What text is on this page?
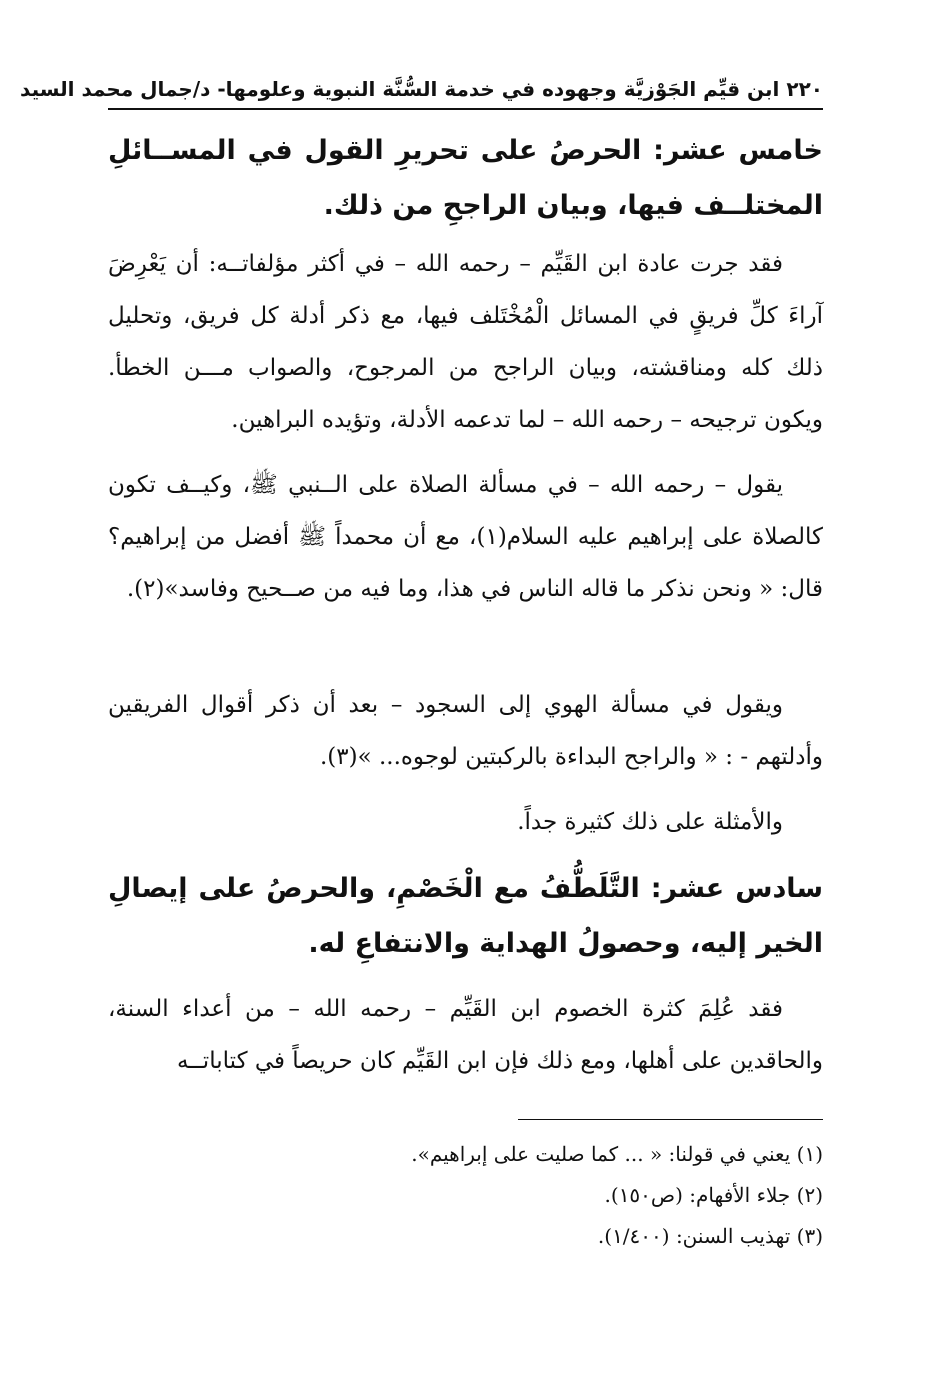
٢٢٠ ابن قيِّم الجَوْزيَّة وجهوده في خدمة السُّنَّة النبوية وعلومها- د/جمال محمد السيد
خامس عشر: الحرصُ على تحريرِ القول في المســائلِ المختلــف فيها، وبيان الراجحِ من ذلك.
فقد جرت عادة ابن القَيِّم – رحمه الله – في أكثر مؤلفاتــه: أن يَعْرِضَ آراءَ كلِّ فريقٍ في المسائل الْمُخْتَلف فيها، مع ذكر أدلة كل فريق، وتحليل ذلك كله ومناقشته، وبيان الراجح من المرجوح، والصواب مـــن الخطأ. ويكون ترجيحه – رحمه الله – لما تدعمه الأدلة، وتؤيده البراهين.
يقول – رحمه الله – في مسألة الصلاة على الــنبي ﷺ، وكيــف تكون كالصلاة على إبراهيم عليه السلام(١)، مع أن محمداً ﷺ أفضل من إبراهيم؟ قال: « ونحن نذكر ما قاله الناس في هذا، وما فيه من صــحيح وفاسد»(٢).
ويقول في مسألة الهوي إلى السجود – بعد أن ذكر أقوال الفريقين وأدلتهم - : « والراجح البداءة بالركبتين لوجوه... »(٣).
والأمثلة على ذلك كثيرة جداً.
سادس عشر: التَّلَطُّفُ مع الْخَصْمِ، والحرصُ على إيصالِ الخير إليه، وحصولُ الهداية والانتفاعِ له.
فقد عُلِمَ كثرة الخصوم ابن القَيِّم – رحمه الله – من أعداء السنة، والحاقدين على أهلها، ومع ذلك فإن ابن القَيِّم كان حريصاً في كتاباتــه
(١) يعني في قولنا: « ... كما صليت على إبراهيم».
(٢) جلاء الأفهام: (ص١٥٠).
(٣) تهذيب السنن: (١/٤٠٠).
